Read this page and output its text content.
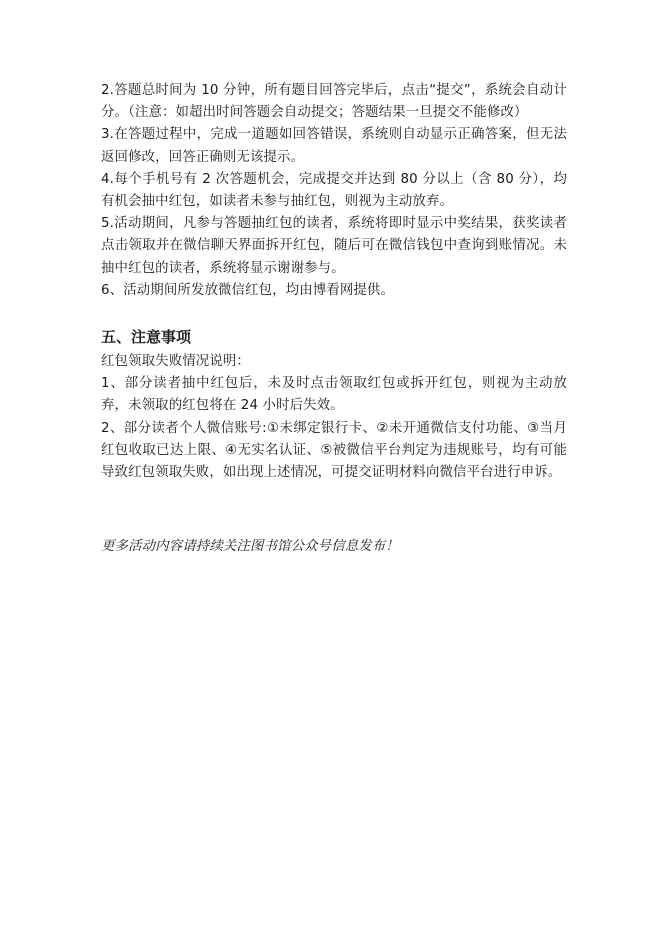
2.答题总时间为 10 分钟，所有题目回答完毕后，点击“提交”，系统会自动计分。（注意：如超出时间答题会自动提交；答题结果一旦提交不能修改）

3.在答题过程中，完成一道题如回答错误，系统则自动显示正确答案，但无法返回修改，回答正确则无该提示。

4.每个手机号有 2 次答题机会，完成提交并达到 80 分以上（含 80 分），均有机会抽中红包，如读者未参与抽红包，则视为主动放弃。

5.活动期间，凡参与答题抽红包的读者，系统将即时显示中奖结果，获奖读者点击领取并在微信聊天界面拆开红包，随后可在微信钱包中查询到账情况。未抽中红包的读者，系统将显示谢谢参与。

6、活动期间所发放微信红包，均由博看网提供。

五、注意事项

红包领取失败情况说明：

1、部分读者抽中红包后，未及时点击领取红包或拆开红包，则视为主动放弃，未领取的红包将在 24 小时后失效。

2、部分读者个人微信账号:①未绑定银行卡、②未开通微信支付功能、③当月红包收取已达上限、④无实名认证、⑤被微信平台判定为违规账号，均有可能导致红包领取失败，如出现上述情况，可提交证明材料向微信平台进行申诉。

更多活动内容请持续关注图书馆公众号信息发布！
